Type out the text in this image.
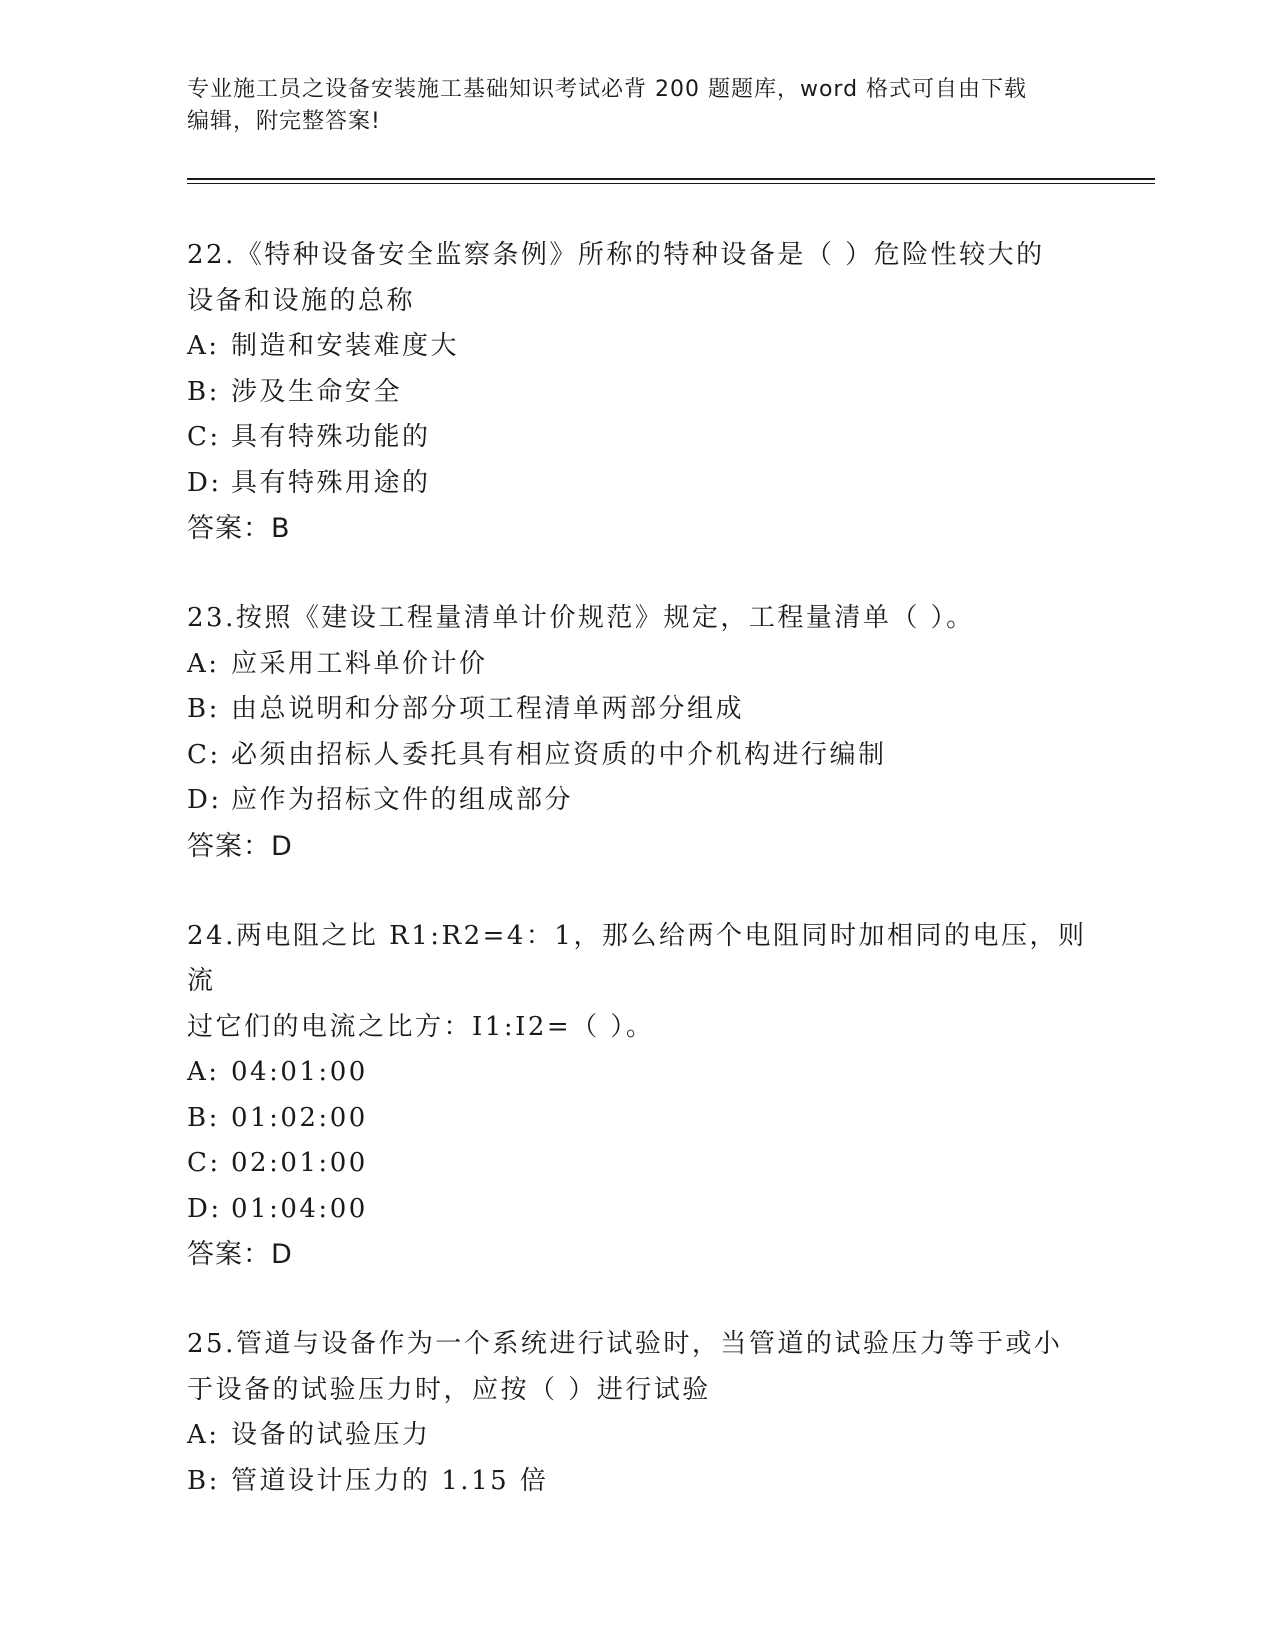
专业施工员之设备安装施工基础知识考试必背 200 题题库，word 格式可自由下载
编辑，附完整答案!
22.《特种设备安全监察条例》所称的特种设备是（ ）危险性较大的
设备和设施的总称
A: 制造和安装难度大
B: 涉及生命安全
C: 具有特殊功能的
D: 具有特殊用途的
答案：B
23.按照《建设工程量清单计价规范》规定，工程量清单（ ）。
A: 应采用工料单价计价
B: 由总说明和分部分项工程清单两部分组成
C: 必须由招标人委托具有相应资质的中介机构进行编制
D: 应作为招标文件的组成部分
答案：D
24.两电阻之比 R1:R2=4：1，那么给两个电阻同时加相同的电压，则流
过它们的电流之比方：I1:I2=（ ）。
A: 04:01:00
B: 01:02:00
C: 02:01:00
D: 01:04:00
答案：D
25.管道与设备作为一个系统进行试验时，当管道的试验压力等于或小
于设备的试验压力时，应按（ ）进行试验
A: 设备的试验压力
B: 管道设计压力的 1.15 倍
